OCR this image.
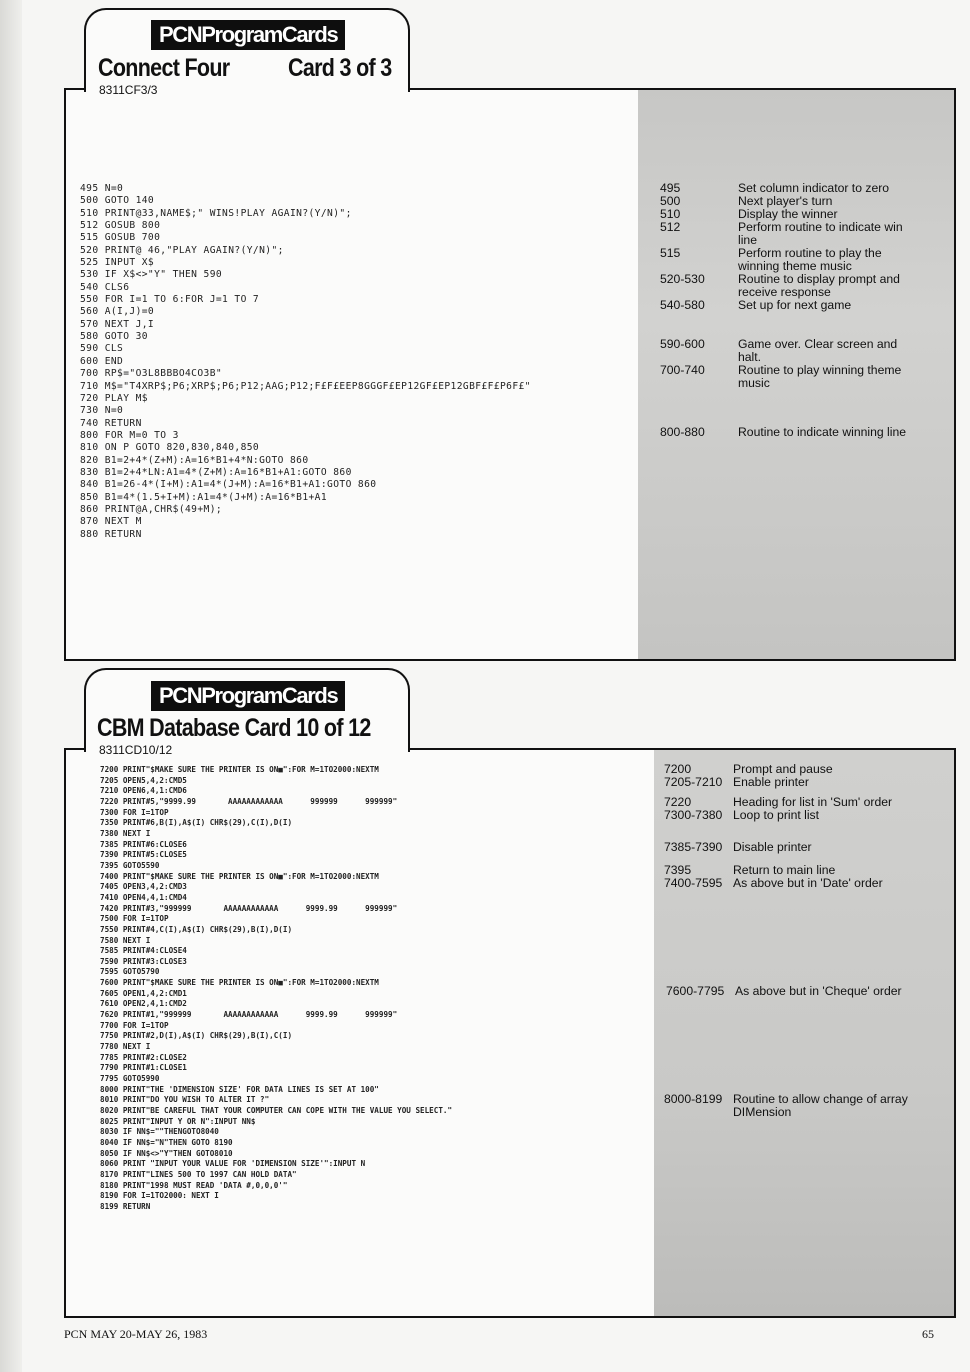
PCNProgramCards
Connect Four Card 3 of 3
8311CF3/3
495 N=0
500 GOTO 140
510 PRINT@33,NAME$;" WINS!PLAY AGAIN?(Y/N)";
512 GOSUB 800
515 GOSUB 700
520 PRINT@ 46,"PLAY AGAIN?(Y/N)";
525 INPUT X$
530 IF X$<>"Y" THEN 590
540 CLS6
550 FOR I=1 TO 6:FOR J=1 TO 7
560 A(I,J)=0
570 NEXT J,I
580 GOTO 30
590 CLS
600 END
700 RP$="O3L8BBBO4CO3B"
710 M$="T4XRP$;P6;XRP$;P6;P12;AAG;P12;F£F£EEP8GGGF£EP12GF£EP12GBF£F£P6F£"
720 PLAY M$
730 N=0
740 RETURN
800 FOR M=0 TO 3
810 ON P GOTO 820,830,840,850
820 B1=2+4*(Z+M):A=16*B1+4*N:GOTO 860
830 B1=2+4*LN:A1=4*(Z+M):A=16*B1+A1:GOTO 860
840 B1=26-4*(I+M):A1=4*(J+M):A=16*B1+A1:GOTO 860
850 B1=4*(1.5+I+M):A1=4*(J+M):A=16*B1+A1
860 PRINT@A,CHR$(49+M);
870 NEXT M
880 RETURN

495	Set column indicator to zero
500	Next player's turn
510	Display the winner
512	Perform routine to indicate win line
515	Perform routine to play the winning theme music
520-530	Routine to display prompt and receive response
540-580	Set up for next game
590-600	Game over. Clear screen and halt.
700-740	Routine to play winning theme music
800-880	Routine to indicate winning line
PCNProgramCards
CBM Database Card 10 of 12
8311CD10/12
7200 PRINT"$MAKE SURE THE PRINTER IS ON■":FOR M=1TO2000:NEXTM
7205 OPEN5,4,2:CMD5
7210 OPEN6,4,1:CMD6
7220 PRINT#5,"9999.99       AAAAAAAAAAAA      999999      999999"
7300 FOR I=1TOP
7350 PRINT#6,B(I),A$(I) CHR$(29),C(I),D(I)
7380 NEXT I
7385 PRINT#6:CLOSE6
7390 PRINT#5:CLOSE5
7395 GOTO5590
7400 PRINT"$MAKE SURE THE PRINTER IS ON■":FOR M=1TO2000:NEXTM
7405 OPEN3,4,2:CMD3
7410 OPEN4,4,1:CMD4
7420 PRINT#3,"999999       AAAAAAAAAAAA      9999.99      999999"
7500 FOR I=1TOP
7550 PRINT#4,C(I),A$(I) CHR$(29),B(I),D(I)
7580 NEXT I
7585 PRINT#4:CLOSE4
7590 PRINT#3:CLOSE3
7595 GOTO5790
7600 PRINT"$MAKE SURE THE PRINTER IS ON■":FOR M=1TO2000:NEXTM
7605 OPEN1,4,2:CMD1
7610 OPEN2,4,1:CMD2
7620 PRINT#1,"999999       AAAAAAAAAAAA      9999.99      999999"
7700 FOR I=1TOP
7750 PRINT#2,D(I),A$(I) CHR$(29),B(I),C(I)
7780 NEXT I
7785 PRINT#2:CLOSE2
7790 PRINT#1:CLOSE1
7795 GOTO5990
8000 PRINT"THE 'DIMENSION SIZE' FOR DATA LINES IS SET AT 100"
8010 PRINT"DO YOU WISH TO ALTER IT ?"
8020 PRINT"BE CAREFUL THAT YOUR COMPUTER CAN COPE WITH THE VALUE YOU SELECT."
8025 PRINT"INPUT Y OR N":INPUT NN$
8030 IF NN$=""THENGOTO8040
8040 IF NN$="N"THEN GOTO 8190
8050 IF NN$<>"Y"THEN GOTO8010
8060 PRINT "INPUT YOUR VALUE FOR 'DIMENSION SIZE'":INPUT N
8170 PRINT"LINES 500 TO 1997 CAN HOLD DATA"
8180 PRINT"1998 MUST READ 'DATA #,0,0,0'"
8190 FOR I=1TO2000: NEXT I
8199 RETURN

7200	Prompt and pause
7205-7210 Enable printer
7220	Heading for list in 'Sum' order
7300-7380 Loop to print list
7385-7390 Disable printer
7395	Return to main line
7400-7595 As above but in 'Date' order
7600-7795 As above but in 'Cheque' order
8000-8199 Routine to allow change of array DIMension
PCN MAY 20-MAY 26, 1983	65
